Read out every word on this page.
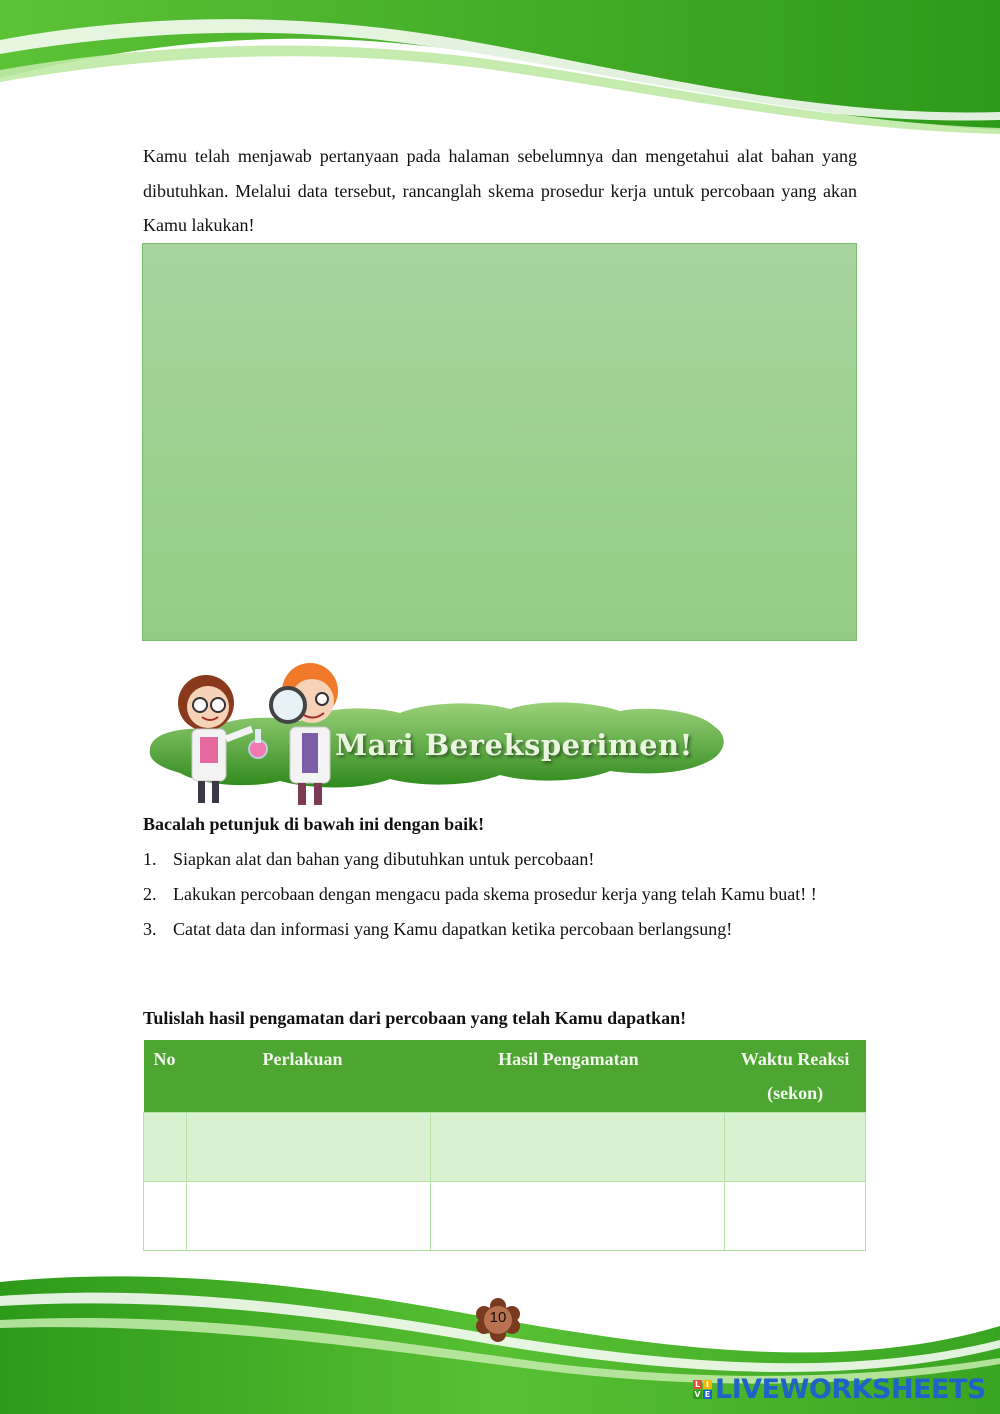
Kamu telah menjawab pertanyaan pada halaman sebelumnya dan mengetahui alat bahan yang dibutuhkan. Melalui data tersebut, rancanglah skema prosedur kerja untuk percobaan yang akan Kamu lakukan!

Mari Bereksperimen!

Bacalah petunjuk di bawah ini dengan baik!

1. Siapkan alat dan bahan yang dibutuhkan untuk percobaan!
2. Lakukan percobaan dengan mengacu pada skema prosedur kerja yang telah Kamu buat! !
3. Catat data dan informasi yang Kamu dapatkan ketika percobaan berlangsung!

Tulislah hasil pengamatan dari percobaan yang telah Kamu dapatkan!

No	Perlakuan	Hasil Pengamatan	Waktu Reaksi (sekon)

10
L I
V E LIVEWORKSHEETS
